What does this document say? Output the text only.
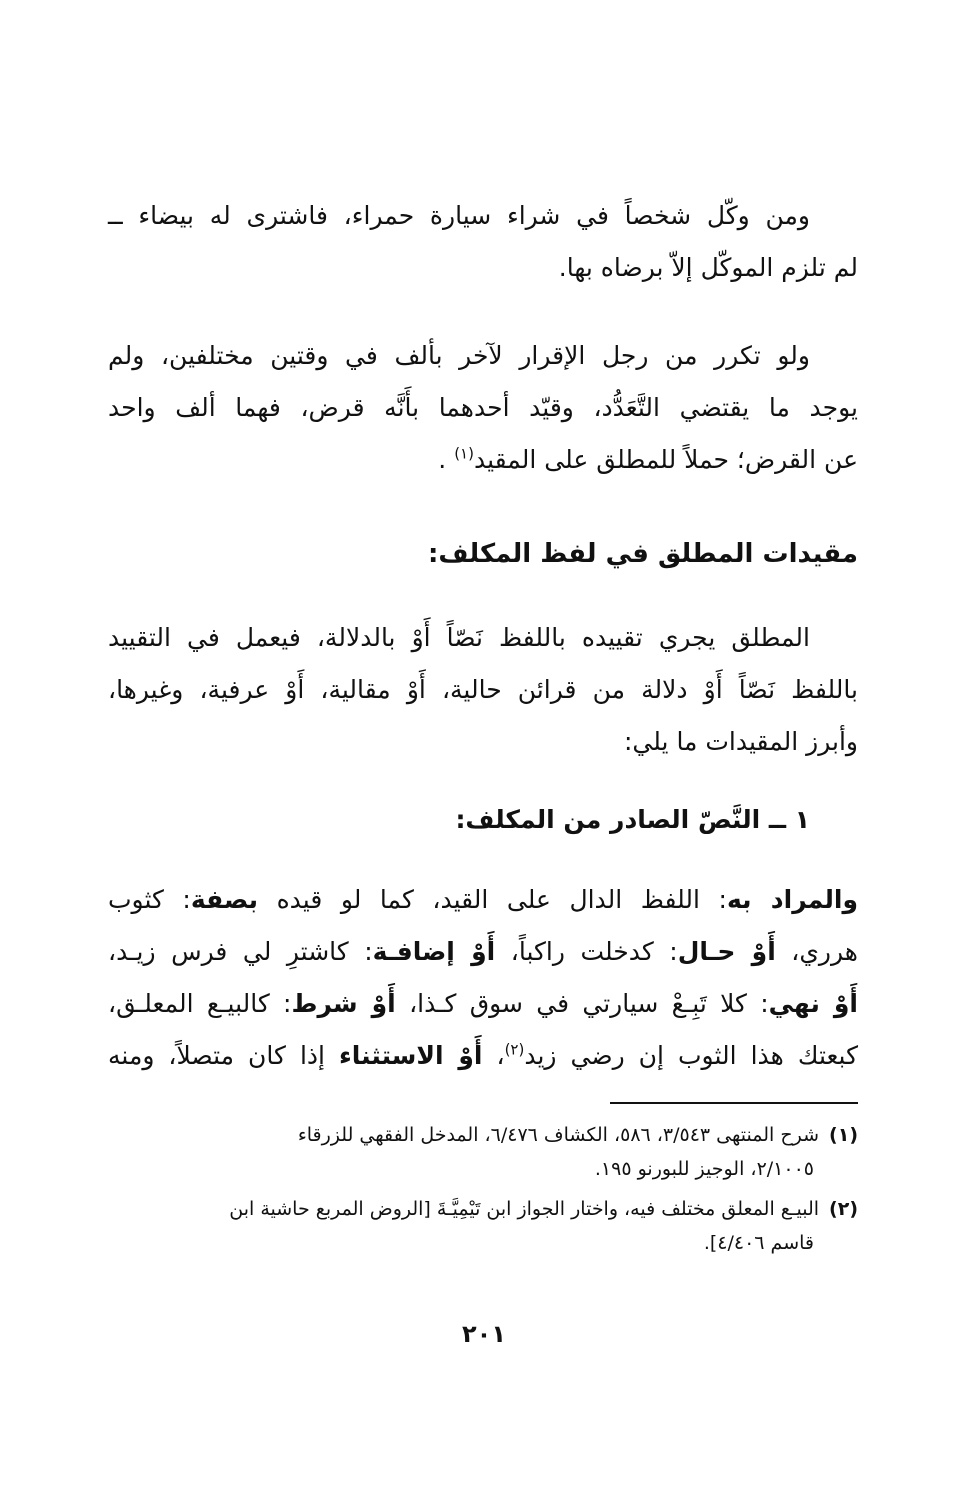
ومن وكّل شخصاً في شراء سيارة حمراء، فاشترى له بيضاء ــ
لم تلزم الموكّل إلاّ برضاه بها.
ولو تكرر من رجل الإقرار لآخر بألف في وقتين مختلفين، ولم
يوجد ما يقتضي التَّعَدُّد، وقيّد أحدهما بأَنَّه قرض، فهما ألف واحد
عن القرض؛ حملاً للمطلق على المقيد$^{(١)}$ .
مقيدات المطلق في لفظ المكلف:
المطلق يجري تقييده باللفظ نَصّاً أَوْ بالدلالة، فيعمل في التقييد
باللفظ نَصّاً أَوْ دلالة من قرائن حالية، أَوْ مقالية، أَوْ عرفية، وغيرها،
وأبرز المقيدات ما يلي:
١ ــ النَّصّ الصادر من المكلف:
والمراد به: اللفظ الدال على القيد، كما لو قيده بصفة: كثوب
هرري، أَوْ حـال: كدخلت راكباً، أَوْ إضافـة: كاشترِ لي فرس زيـد،
أَوْ نهي: كلا تَبِـعْ سيارتي في سوق كـذا، أَوْ شرط: كالبيـع المعلـق،
كبعتك هذا الثوب إن رضي زيد$^{(٢)}$، أَوْ الاستثناء إذا كان متصلاً، ومنه
(١)شرح المنتهى ٣/٥٤٣، ٥٨٦، الكشاف ٦/٤٧٦، المدخل الفقهي للزرقاء
٢/١٠٠٥، الوجيز للبورنو ١٩٥.
(٢)البيـع المعلق مختلف فيه، واختار الجواز ابن تَيْمِيَّـةَ [الروض المربع حاشية ابن
قاسم ٤/٤٠٦].
٢٠١
